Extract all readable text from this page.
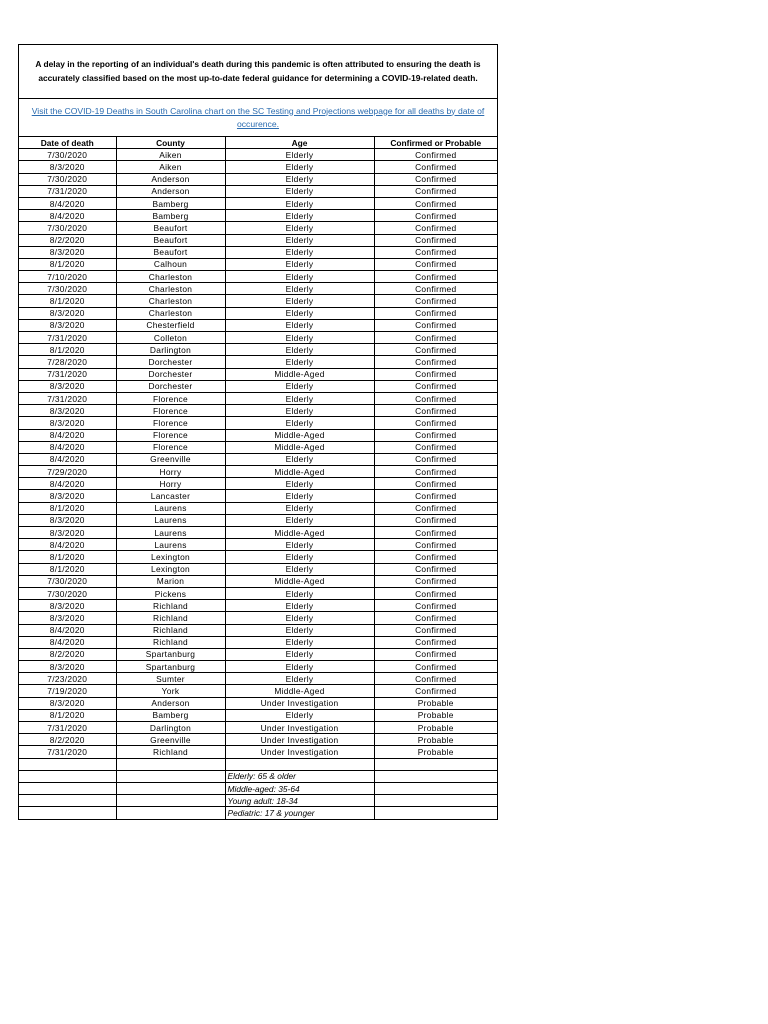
A delay in the reporting of an individual's death during this pandemic is often attributed to ensuring the death is accurately classified based on the most up-to-date federal guidance for determining a COVID-19-related death.
Visit the COVID-19 Deaths in South Carolina chart on the SC Testing and Projections webpage for all deaths by date of occurence.
Date of death	County	Age	Confirmed or Probable
7/30/2020	Aiken	Elderly	Confirmed
8/3/2020	Aiken	Elderly	Confirmed
7/30/2020	Anderson	Elderly	Confirmed
7/31/2020	Anderson	Elderly	Confirmed
8/4/2020	Bamberg	Elderly	Confirmed
8/4/2020	Bamberg	Elderly	Confirmed
7/30/2020	Beaufort	Elderly	Confirmed
8/2/2020	Beaufort	Elderly	Confirmed
8/3/2020	Beaufort	Elderly	Confirmed
8/1/2020	Calhoun	Elderly	Confirmed
7/10/2020	Charleston	Elderly	Confirmed
7/30/2020	Charleston	Elderly	Confirmed
8/1/2020	Charleston	Elderly	Confirmed
8/3/2020	Charleston	Elderly	Confirmed
8/3/2020	Chesterfield	Elderly	Confirmed
7/31/2020	Colleton	Elderly	Confirmed
8/1/2020	Darlington	Elderly	Confirmed
7/28/2020	Dorchester	Elderly	Confirmed
7/31/2020	Dorchester	Middle-Aged	Confirmed
8/3/2020	Dorchester	Elderly	Confirmed
7/31/2020	Florence	Elderly	Confirmed
8/3/2020	Florence	Elderly	Confirmed
8/3/2020	Florence	Elderly	Confirmed
8/4/2020	Florence	Middle-Aged	Confirmed
8/4/2020	Florence	Middle-Aged	Confirmed
8/4/2020	Greenville	Elderly	Confirmed
7/29/2020	Horry	Middle-Aged	Confirmed
8/4/2020	Horry	Elderly	Confirmed
8/3/2020	Lancaster	Elderly	Confirmed
8/1/2020	Laurens	Elderly	Confirmed
8/3/2020	Laurens	Elderly	Confirmed
8/3/2020	Laurens	Middle-Aged	Confirmed
8/4/2020	Laurens	Elderly	Confirmed
8/1/2020	Lexington	Elderly	Confirmed
8/1/2020	Lexington	Elderly	Confirmed
7/30/2020	Marion	Middle-Aged	Confirmed
7/30/2020	Pickens	Elderly	Confirmed
8/3/2020	Richland	Elderly	Confirmed
8/3/2020	Richland	Elderly	Confirmed
8/4/2020	Richland	Elderly	Confirmed
8/4/2020	Richland	Elderly	Confirmed
8/2/2020	Spartanburg	Elderly	Confirmed
8/3/2020	Spartanburg	Elderly	Confirmed
7/23/2020	Sumter	Elderly	Confirmed
7/19/2020	York	Middle-Aged	Confirmed
8/3/2020	Anderson	Under Investigation	Probable
8/1/2020	Bamberg	Elderly	Probable
7/31/2020	Darlington	Under Investigation	Probable
8/2/2020	Greenville	Under Investigation	Probable
7/31/2020	Richland	Under Investigation	Probable

		Elderly: 65 & older	
		Middle-aged: 35-64	
		Young adult: 18-34	
		Pediatric: 17 & younger	
